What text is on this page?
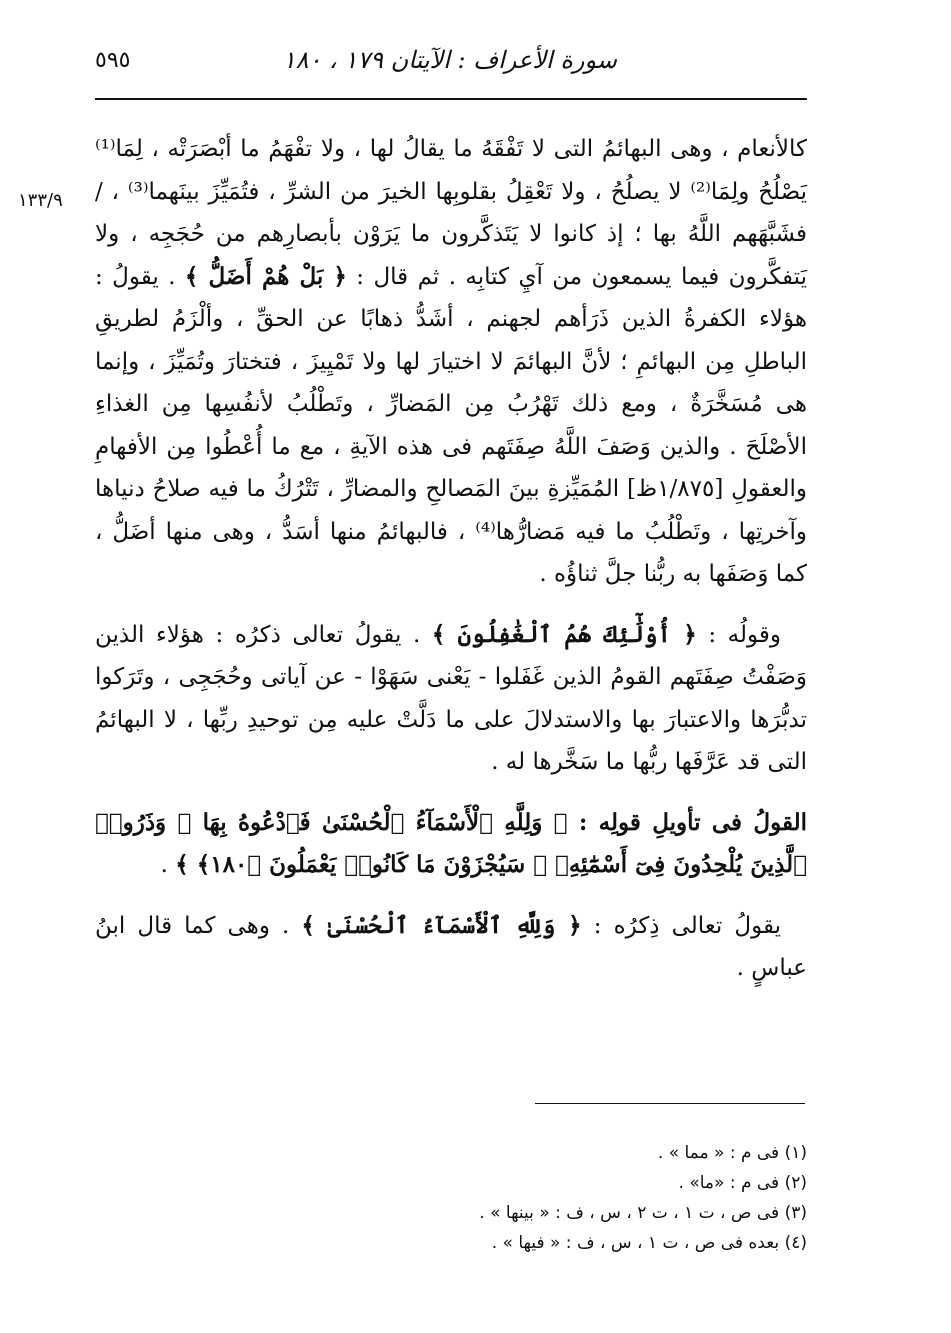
٥٩٥	سورة الأعراف : الآيتان ١٧٩ ، ١٨٠
١٣٣/٩

كالأنعام ، وهى البهائمُ التى لا تَفْقَهُ ما يقالُ لها ، ولا تفْهَمُ ما أبْصَرَتْه ، لِمَا⁽¹⁾ يَصْلُحُ ولِمَا⁽²⁾ لا يصلُحُ ، ولا تَعْقِلُ بقلوبِها الخيرَ من الشرِّ ، فتُمَيِّزَ بينَهما⁽³⁾ ، / فشَبَّهَهم اللَّهُ بها ؛ إذ كانوا لا يَتَذكَّرون ما يَرَوْن بأبصارِهم من حُجَجِه ، ولا يَتفكَّرون فيما يسمعون من آيِ كتابِه . ثم قال : ﴿ بَلْ هُمْ أَضَلُّ ﴾ . يقولُ : هؤلاء الكفرةُ الذين ذَرَأهم لجهنم ، أشَدُّ ذهابًا عن الحقِّ ، وألْزَمُ لطريقِ الباطلِ مِن البهائمِ ؛ لأنَّ البهائمَ لا اختيارَ لها ولا تَمْيِيزَ ، فتختارَ وتُمَيِّزَ ، وإنما هى مُسَخَّرَةٌ ، ومع ذلك تَهْرُبُ مِن المَضارِّ ، وتَطْلُبُ لأنفُسِها مِن الغذاءِ الأصْلَحَ . والذين وَصَفَ اللَّهُ صِفَتَهم فى هذه الآيةِ ، مع ما أُعْطُوا مِن الأفهامِ والعقولِ [١/٨٧٥ظ] المُمَيِّزةِ بينَ المَصالحِ والمضارِّ ، تَتْرُكُ ما فيه صلاحُ دنياها وآخرتِها ، وتَطْلُبُ ما فيه مَضارُّها⁽⁴⁾ ، فالبهائمُ منها أسَدُّ ، وهى منها أضَلُّ ، كما وَصَفَها به ربُّنا جلَّ ثناؤُه .

وقولُه : ﴿ أُوْلَٰٓئِكَ هُمُ ٱلْغَٰفِلُونَ ﴾ . يقولُ تعالى ذكرُه : هؤلاء الذين وَصَفْتُ صِفَتَهم القومُ الذين غَفَلوا - يَعْنى سَهَوْا - عن آياتى وحُجَجِى ، وتَرَكوا تدبُّرَها والاعتبارَ بها والاستدلالَ على ما دَلَّتْ عليه مِن توحيدِ ربِّها ، لا البهائمُ التى قد عَرَّفَها ربُّها ما سَخَّرها له .

القولُ فى تأويلِ قولِه : ﴿ وَلِلَّهِ ٱلْأَسْمَآءُ ٱلْحُسْنَىٰ فَٱدْعُوهُ بِهَا ۖ وَذَرُوا۟ ٱلَّذِينَ يُلْحِدُونَ فِىٓ أَسْمَٰٓئِهِۦ ۚ سَيُجْزَوْنَ مَا كَانُوا۟ يَعْمَلُونَ ﴿١٨٠﴾ ﴾ .

يقولُ تعالى ذِكرُه : ﴿ وَلِلَّهِ ٱلْأَسْمَآءُ ٱلْحُسْنَىٰ ﴾ . وهى كما قال ابنُ عباسٍ .

(١) فى م : « مما » .
(٢) فى م : «ما» .
(٣) فى ص ، ت ١ ، ت ٢ ، س ، ف : « بينها » .
(٤) بعده فى ص ، ت ١ ، س ، ف : « فيها » .
